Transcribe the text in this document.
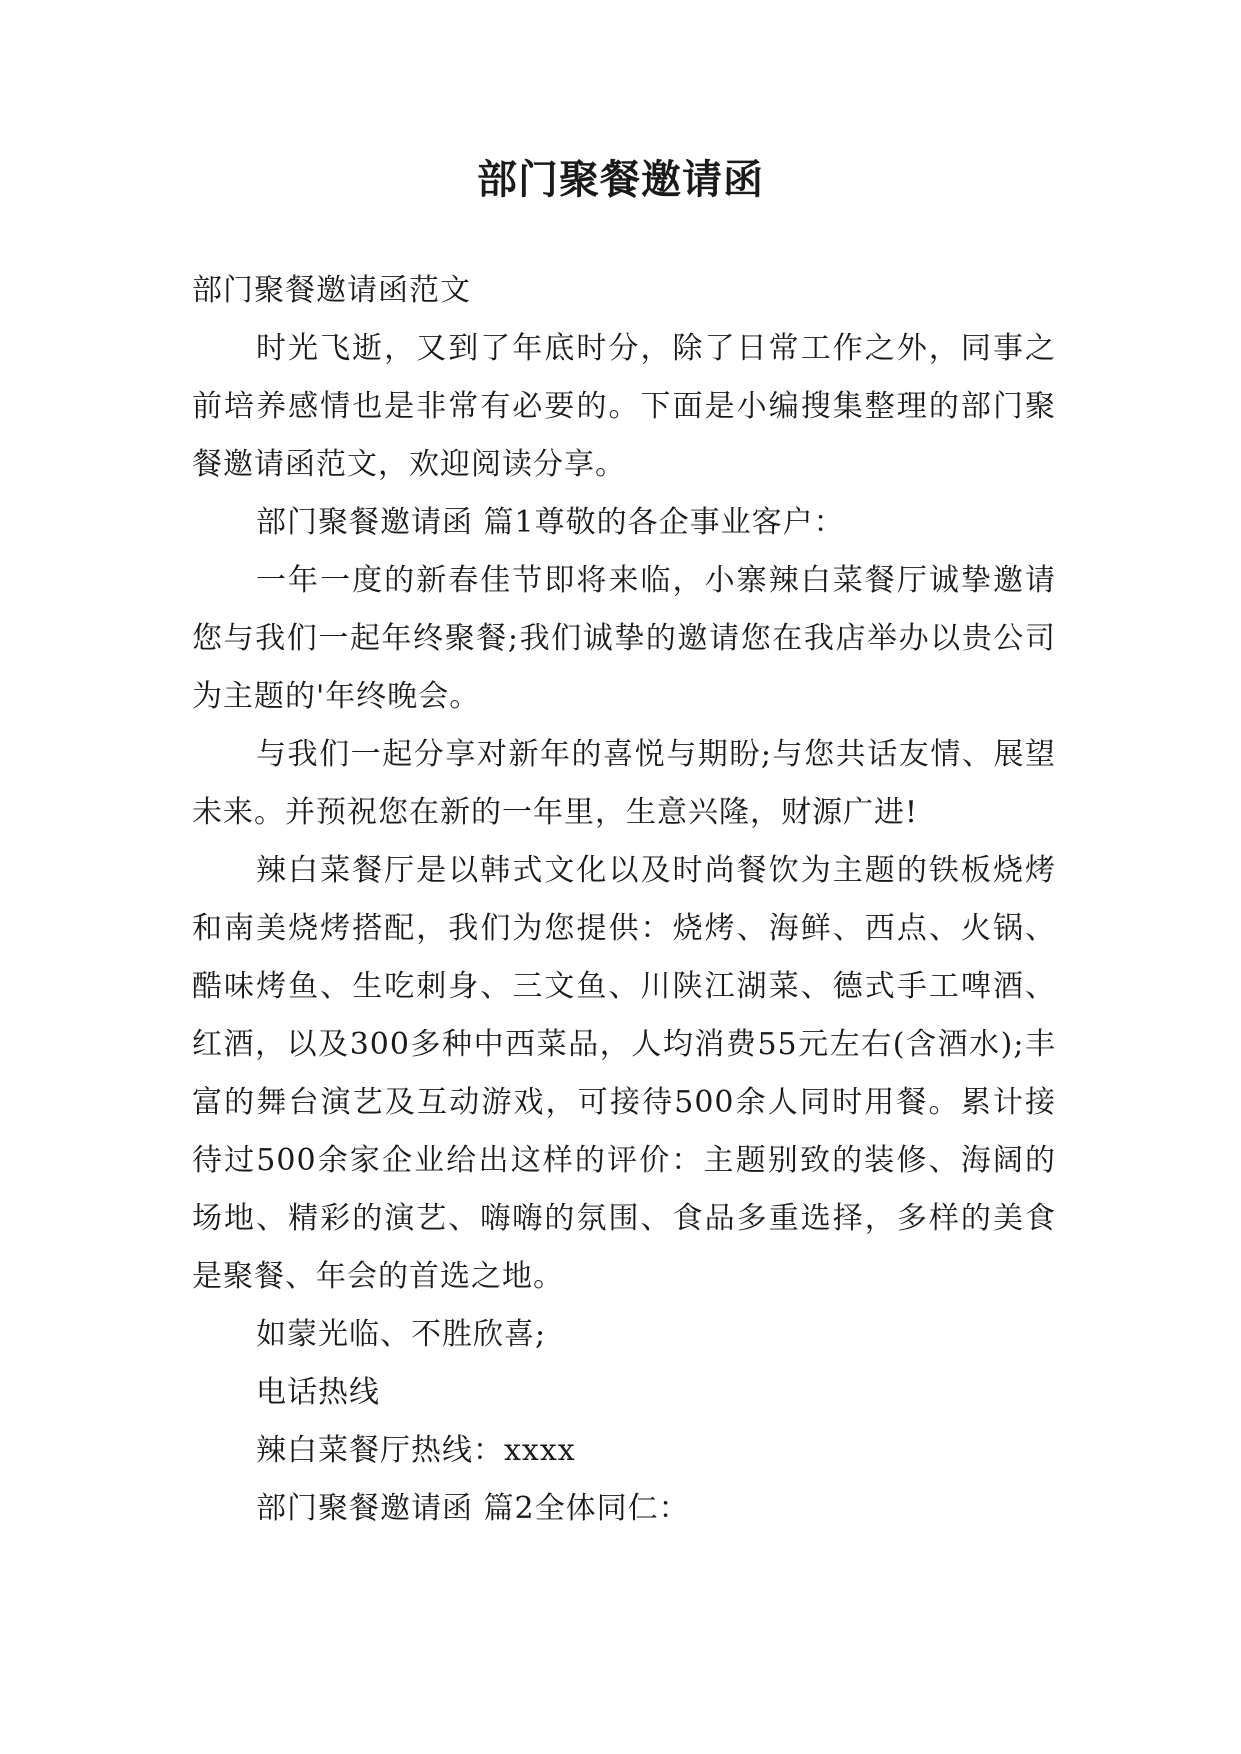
部门聚餐邀请函

部门聚餐邀请函范文

时光飞逝，又到了年底时分，除了日常工作之外，同事之前培养感情也是非常有必要的。下面是小编搜集整理的部门聚餐邀请函范文，欢迎阅读分享。

部门聚餐邀请函 篇1尊敬的各企事业客户：

一年一度的新春佳节即将来临，小寨辣白菜餐厅诚挚邀请您与我们一起年终聚餐;我们诚挚的邀请您在我店举办以贵公司为主题的'年终晚会。

与我们一起分享对新年的喜悦与期盼;与您共话友情、展望未来。并预祝您在新的一年里，生意兴隆，财源广进!

辣白菜餐厅是以韩式文化以及时尚餐饮为主题的铁板烧烤和南美烧烤搭配，我们为您提供：烧烤、海鲜、西点、火锅、酷味烤鱼、生吃刺身、三文鱼、川陕江湖菜、德式手工啤酒、红酒，以及300多种中西菜品，人均消费55元左右(含酒水);丰富的舞台演艺及互动游戏，可接待500余人同时用餐。累计接待过500余家企业给出这样的评价：主题别致的装修、海阔的场地、精彩的演艺、嗨嗨的氛围、食品多重选择，多样的美食是聚餐、年会的首选之地。

如蒙光临、不胜欣喜;

电话热线

辣白菜餐厅热线：xxxx

部门聚餐邀请函 篇2全体同仁：
